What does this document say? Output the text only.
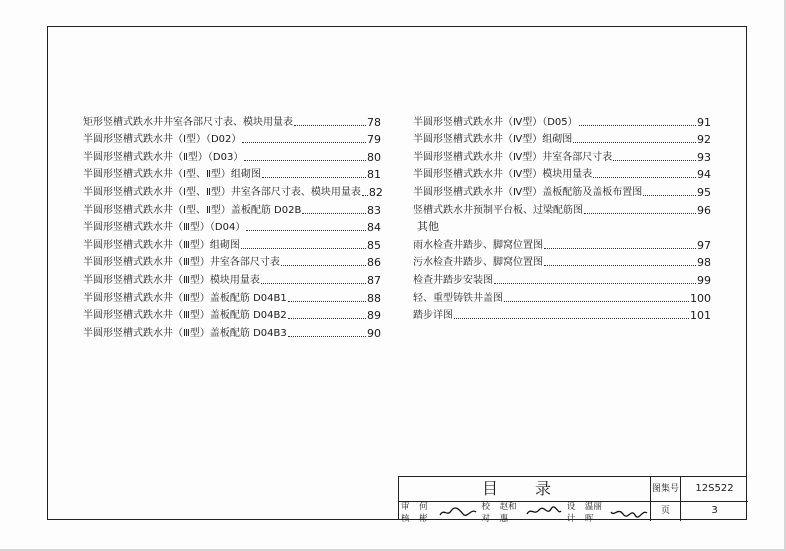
矩形竖槽式跌水井井室各部尺寸表、模块用量表	78
半圆形竖槽式跌水井（Ⅰ型）（D02）	79
半圆形竖槽式跌水井（Ⅱ型）（D03）	80
半圆形竖槽式跌水井（Ⅰ型、Ⅱ型）组砌图	81
半圆形竖槽式跌水井（Ⅰ型、Ⅱ型）井室各部尺寸表、模块用量表 82
半圆形竖槽式跌水井（Ⅰ型、Ⅱ型）盖板配筋 D02B	83
半圆形竖槽式跌水井（Ⅲ型）（D04）	84
半圆形竖槽式跌水井（Ⅲ型）组砌图	85
半圆形竖槽式跌水井（Ⅲ型）井室各部尺寸表	86
半圆形竖槽式跌水井（Ⅲ型）模块用量表	87
半圆形竖槽式跌水井（Ⅲ型）盖板配筋 D04B1	88
半圆形竖槽式跌水井（Ⅲ型）盖板配筋 D04B2	89
半圆形竖槽式跌水井（Ⅲ型）盖板配筋 D04B3	90
半圆形竖槽式跌水井（Ⅳ型）（D05）	91
半圆形竖槽式跌水井（Ⅳ型）组砌图	92
半圆形竖槽式跌水井（Ⅳ型）井室各部尺寸表	93
半圆形竖槽式跌水井（Ⅳ型）模块用量表	94
半圆形竖槽式跌水井（Ⅳ型）盖板配筋及盖板布置图	95
竖槽式跌水井预制平台板、过梁配筋图	96
其他
雨水检查井踏步、脚窝位置图	97
污水检查井踏步、脚窝位置图	98
检查井踏步安装图	99
轻、重型铸铁井盖图	100
踏步详图	101
目 录	图集号	12S522
审核
何 彬
校对
赵和惠
设计
温丽晖
页	3
